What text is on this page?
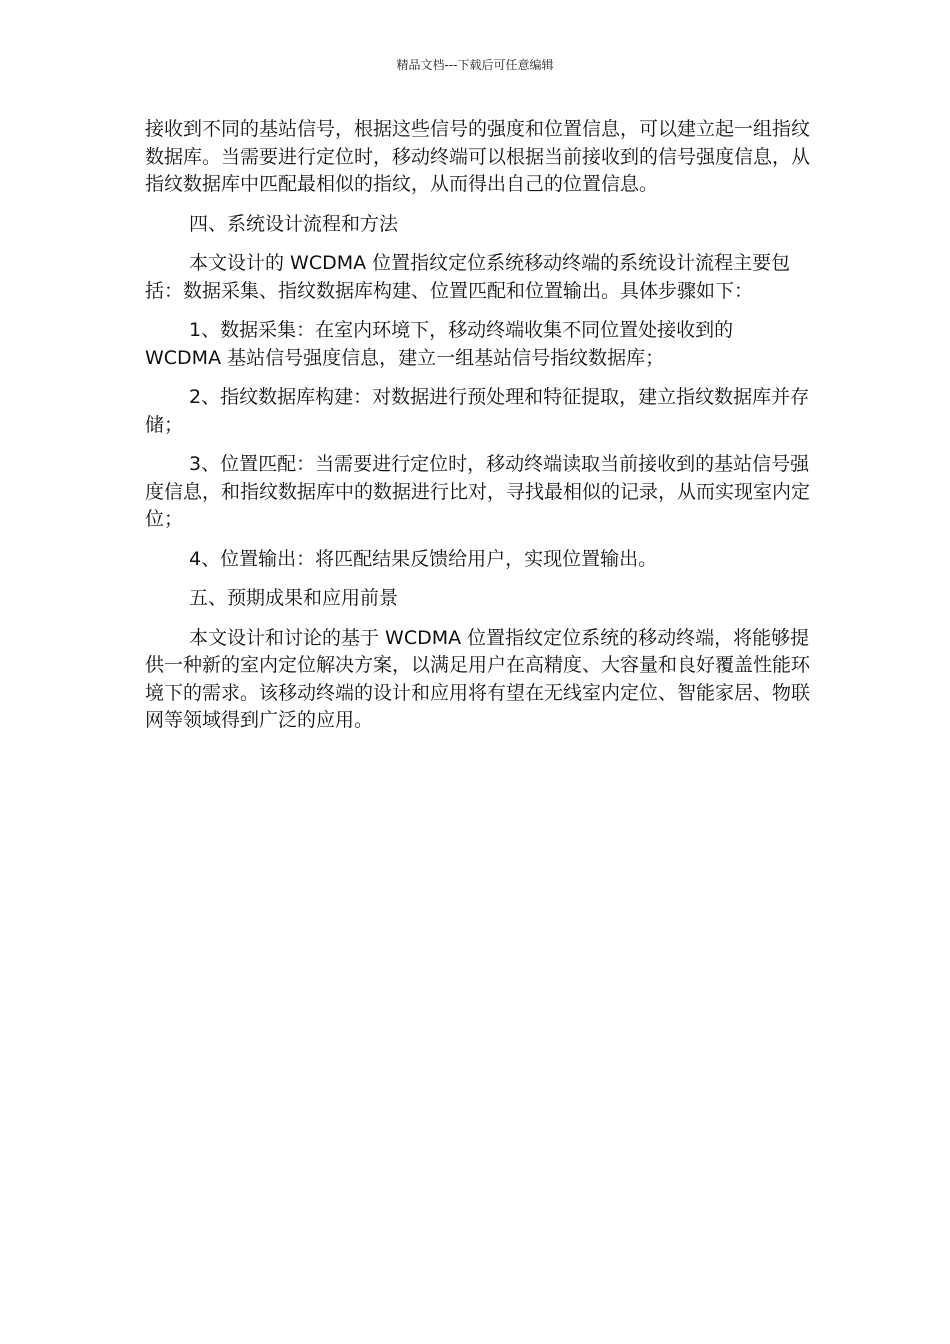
精品文档---下载后可任意编辑

接收到不同的基站信号，根据这些信号的强度和位置信息，可以建立起一组指纹数据库。当需要进行定位时，移动终端可以根据当前接收到的信号强度信息，从指纹数据库中匹配最相似的指纹，从而得出自己的位置信息。

四、系统设计流程和方法

本文设计的 WCDMA 位置指纹定位系统移动终端的系统设计流程主要包括：数据采集、指纹数据库构建、位置匹配和位置输出。具体步骤如下：

1、数据采集：在室内环境下，移动终端收集不同位置处接收到的 WCDMA 基站信号强度信息，建立一组基站信号指纹数据库；

2、指纹数据库构建：对数据进行预处理和特征提取，建立指纹数据库并存储；

3、位置匹配：当需要进行定位时，移动终端读取当前接收到的基站信号强度信息，和指纹数据库中的数据进行比对，寻找最相似的记录，从而实现室内定位；

4、位置输出：将匹配结果反馈给用户，实现位置输出。

五、预期成果和应用前景

本文设计和讨论的基于 WCDMA 位置指纹定位系统的移动终端，将能够提供一种新的室内定位解决方案，以满足用户在高精度、大容量和良好覆盖性能环境下的需求。该移动终端的设计和应用将有望在无线室内定位、智能家居、物联网等领域得到广泛的应用。
